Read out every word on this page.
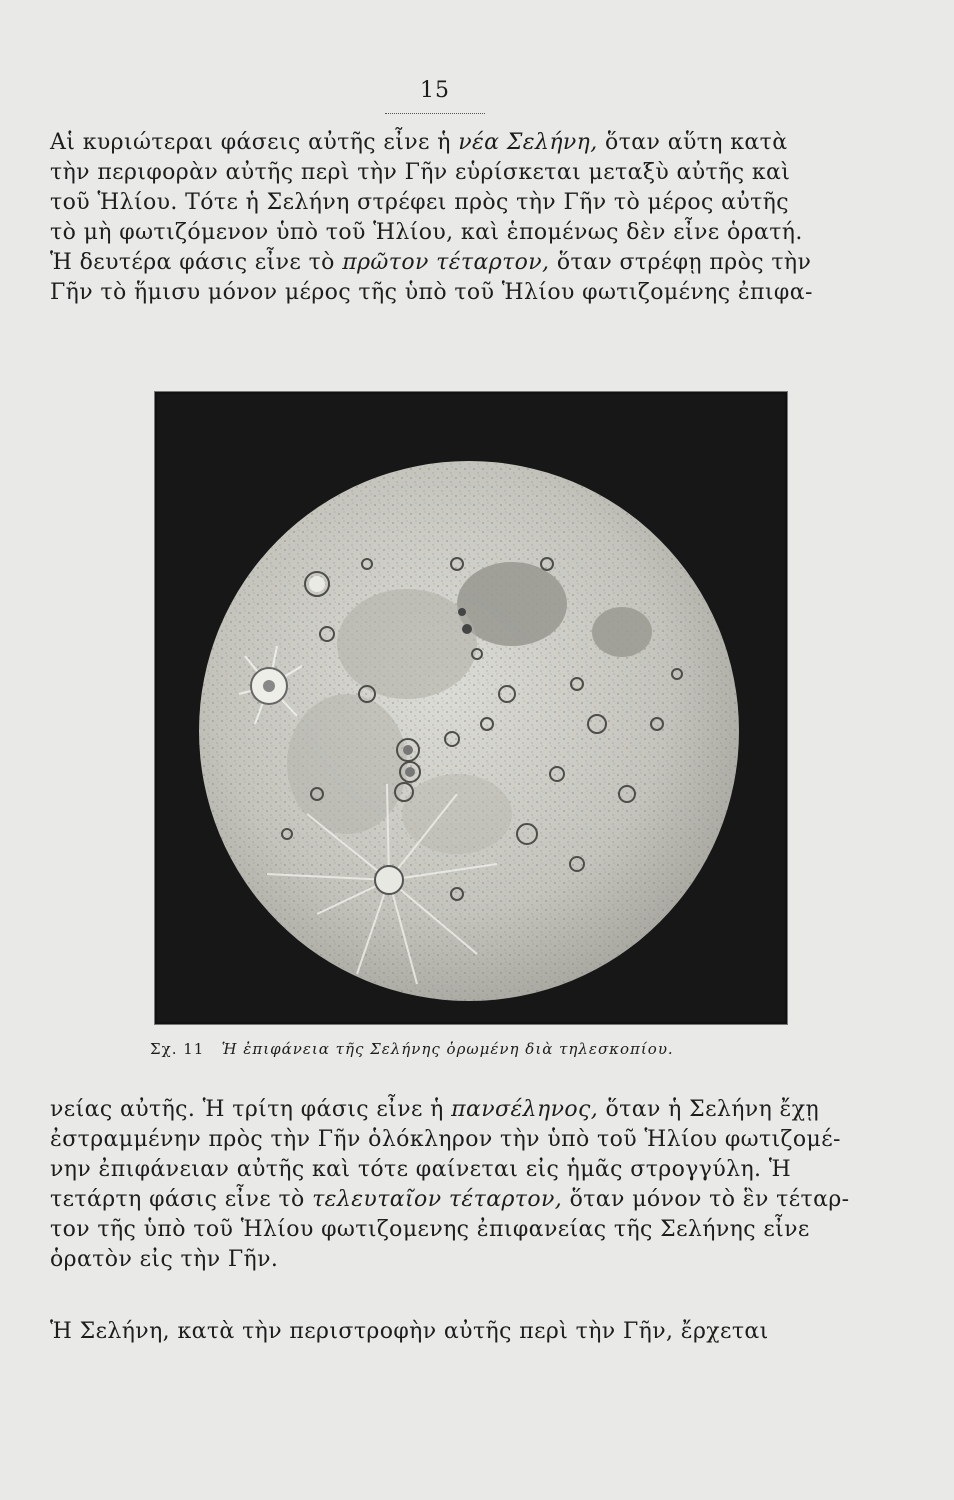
15
Αἱ κυριώτεραι φάσεις αὐτῆς εἶνε ἡ νέα Σελήνη, ὅταν αὕτη κατὰ
τὴν περιφορὰν αὐτῆς περὶ τὴν Γῆν εὑρίσκεται μεταξὺ αὐτῆς καὶ
τοῦ Ἡλίου. Τότε ἡ Σελήνη στρέφει πρὸς τὴν Γῆν τὸ μέρος αὐτῆς
τὸ μὴ φωτιζόμενον ὑπὸ τοῦ Ἡλίου, καὶ ἑπομένως δὲν εἶνε ὁρατή.
Ἡ δευτέρα φάσις εἶνε τὸ πρῶτον τέταρτον, ὅταν στρέφῃ πρὸς τὴν
Γῆν τὸ ἥμισυ μόνον μέρος τῆς ὑπὸ τοῦ Ἡλίου φωτιζομένης ἐπιφα-
Σχ. 11 Ἡ ἐπιφάνεια τῆς Σελήνης ὁρωμένη διὰ τηλεσκοπίου.
νείας αὐτῆς. Ἡ τρίτη φάσις εἶνε ἡ πανσέληνος, ὅταν ἡ Σελήνη ἔχῃ
ἐστραμμένην πρὸς τὴν Γῆν ὁλόκληρον τὴν ὑπὸ τοῦ Ἡλίου φωτιζομέ-
νην ἐπιφάνειαν αὐτῆς καὶ τότε φαίνεται εἰς ἡμᾶς στρογγύλη. Ἡ
τετάρτη φάσις εἶνε τὸ τελευταῖον τέταρτον, ὅταν μόνον τὸ ἓν τέταρ-
τον τῆς ὑπὸ τοῦ Ἡλίου φωτιζομενης ἐπιφανείας τῆς Σελήνης εἶνε
ὁρατὸν εἰς τὴν Γῆν.
Ἡ Σελήνη, κατὰ τὴν περιστροφὴν αὐτῆς περὶ τὴν Γῆν, ἔρχεται
